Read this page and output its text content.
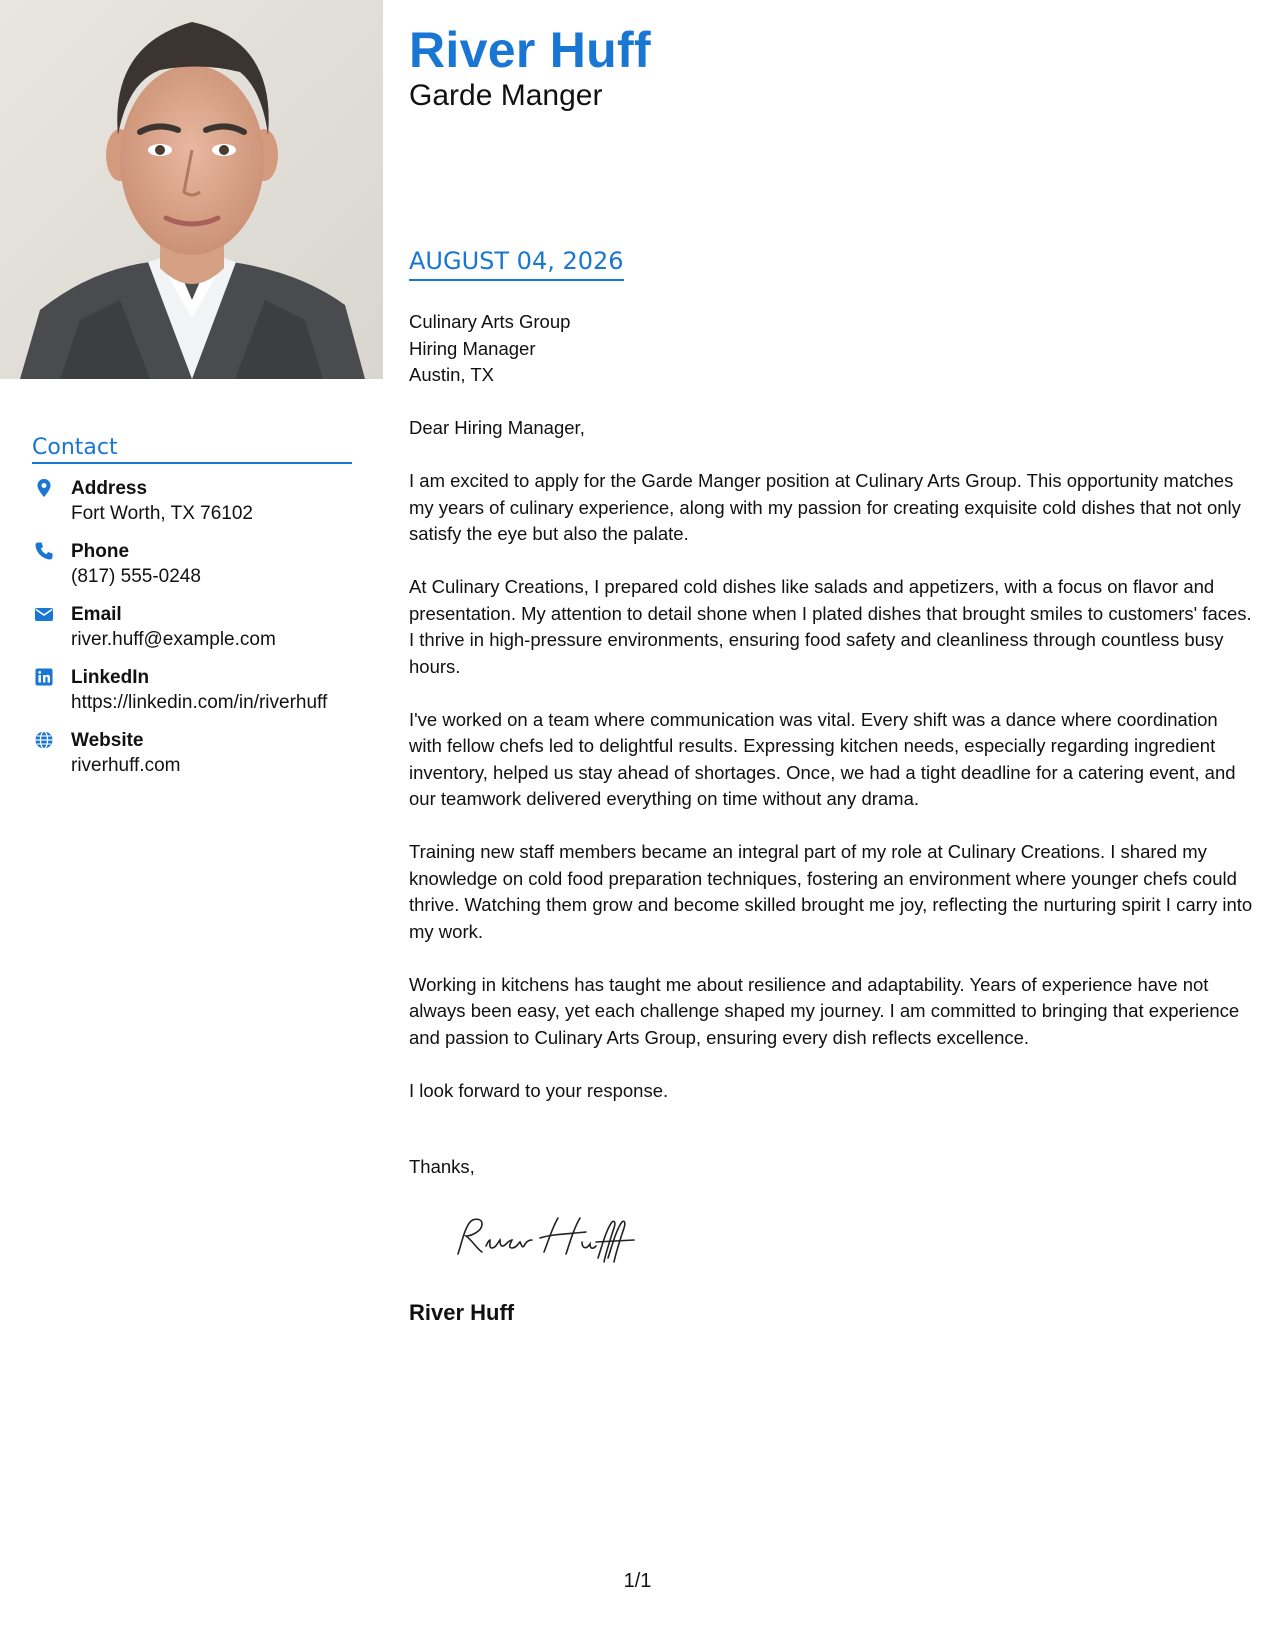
Contact
Address
Fort Worth, TX 76102
Phone
(817) 555-0248
Email
river.huff@example.com
LinkedIn
https://linkedin.com/in/riverhuff
Website
riverhuff.com
River Huff
Garde Manger
AUGUST 04, 2026
Culinary Arts Group
Hiring Manager
Austin, TX
Dear Hiring Manager,
I am excited to apply for the Garde Manger position at Culinary Arts Group. This opportunity matches my years of culinary experience, along with my passion for creating exquisite cold dishes that not only satisfy the eye but also the palate.
At Culinary Creations, I prepared cold dishes like salads and appetizers, with a focus on flavor and presentation. My attention to detail shone when I plated dishes that brought smiles to customers' faces. I thrive in high-pressure environments, ensuring food safety and cleanliness through countless busy hours.
I've worked on a team where communication was vital. Every shift was a dance where coordination with fellow chefs led to delightful results. Expressing kitchen needs, especially regarding ingredient inventory, helped us stay ahead of shortages. Once, we had a tight deadline for a catering event, and our teamwork delivered everything on time without any drama.
Training new staff members became an integral part of my role at Culinary Creations. I shared my knowledge on cold food preparation techniques, fostering an environment where younger chefs could thrive. Watching them grow and become skilled brought me joy, reflecting the nurturing spirit I carry into my work.
Working in kitchens has taught me about resilience and adaptability. Years of experience have not always been easy, yet each challenge shaped my journey. I am committed to bringing that experience and passion to Culinary Arts Group, ensuring every dish reflects excellence.
I look forward to your response.
Thanks,
River Huff
1/1
